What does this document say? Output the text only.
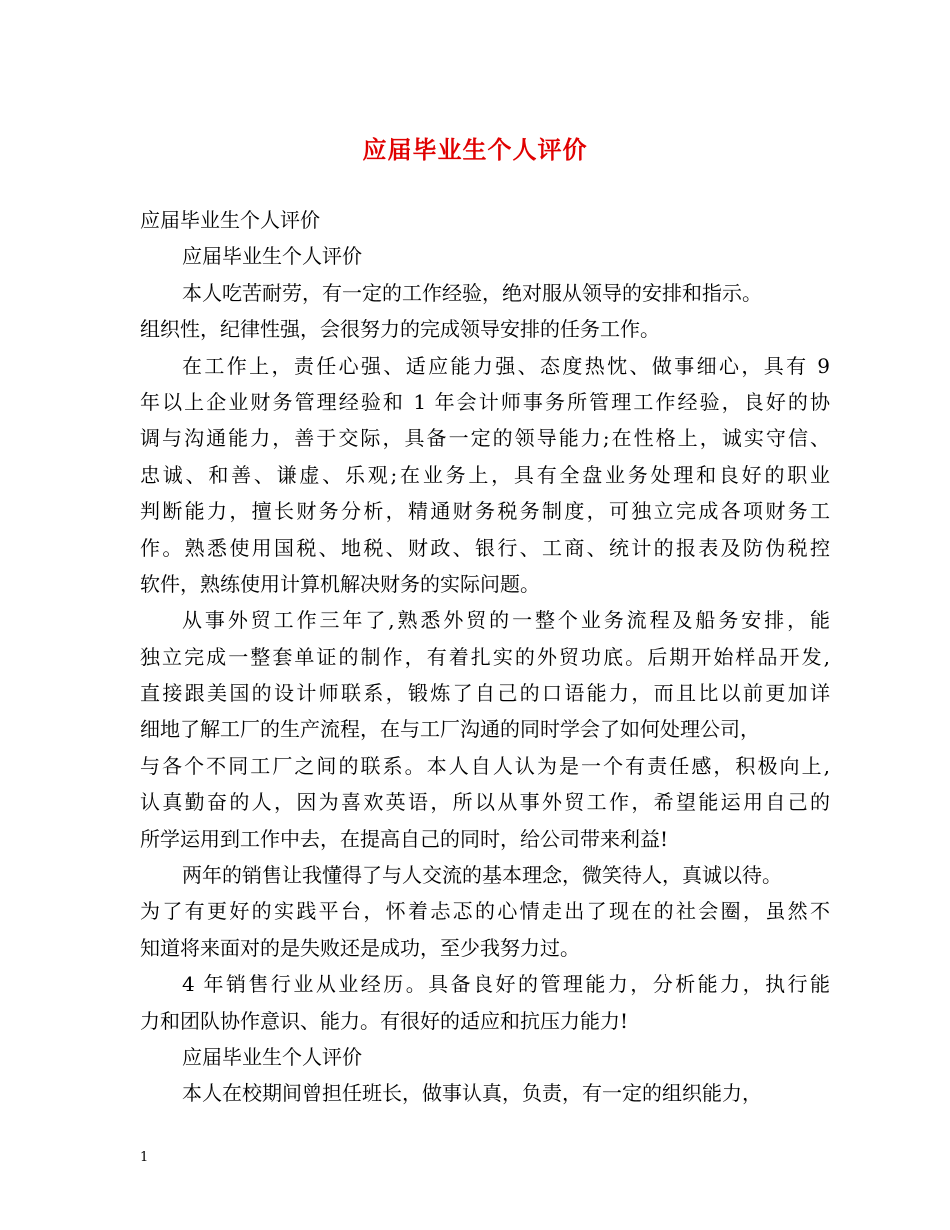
应届毕业生个人评价
应届毕业生个人评价
应届毕业生个人评价
本人吃苦耐劳，有一定的工作经验，绝对服从领导的安排和指示。
组织性，纪律性强，会很努力的完成领导安排的任务工作。
在工作上，责任心强、适应能力强、态度热忱、做事细心，具有 9
年以上企业财务管理经验和 1 年会计师事务所管理工作经验，良好的协
调与沟通能力，善于交际，具备一定的领导能力;在性格上，诚实守信、
忠诚、和善、谦虚、乐观;在业务上，具有全盘业务处理和良好的职业
判断能力，擅长财务分析，精通财务税务制度，可独立完成各项财务工
作。熟悉使用国税、地税、财政、银行、工商、统计的报表及防伪税控
软件，熟练使用计算机解决财务的实际问题。
从事外贸工作三年了,熟悉外贸的一整个业务流程及船务安排，能
独立完成一整套单证的制作，有着扎实的外贸功底。后期开始样品开发,
直接跟美国的设计师联系，锻炼了自己的口语能力，而且比以前更加详
细地了解工厂的生产流程，在与工厂沟通的同时学会了如何处理公司，
与各个不同工厂之间的联系。本人自人认为是一个有责任感，积极向上,
认真勤奋的人，因为喜欢英语，所以从事外贸工作，希望能运用自己的
所学运用到工作中去，在提高自己的同时，给公司带来利益!
两年的销售让我懂得了与人交流的基本理念，微笑待人，真诚以待。
为了有更好的实践平台，怀着忐忑的心情走出了现在的社会圈，虽然不
知道将来面对的是失败还是成功，至少我努力过。
4 年销售行业从业经历。具备良好的管理能力，分析能力，执行能
力和团队协作意识、能力。有很好的适应和抗压力能力!
应届毕业生个人评价
本人在校期间曾担任班长，做事认真，负责，有一定的组织能力，
1
